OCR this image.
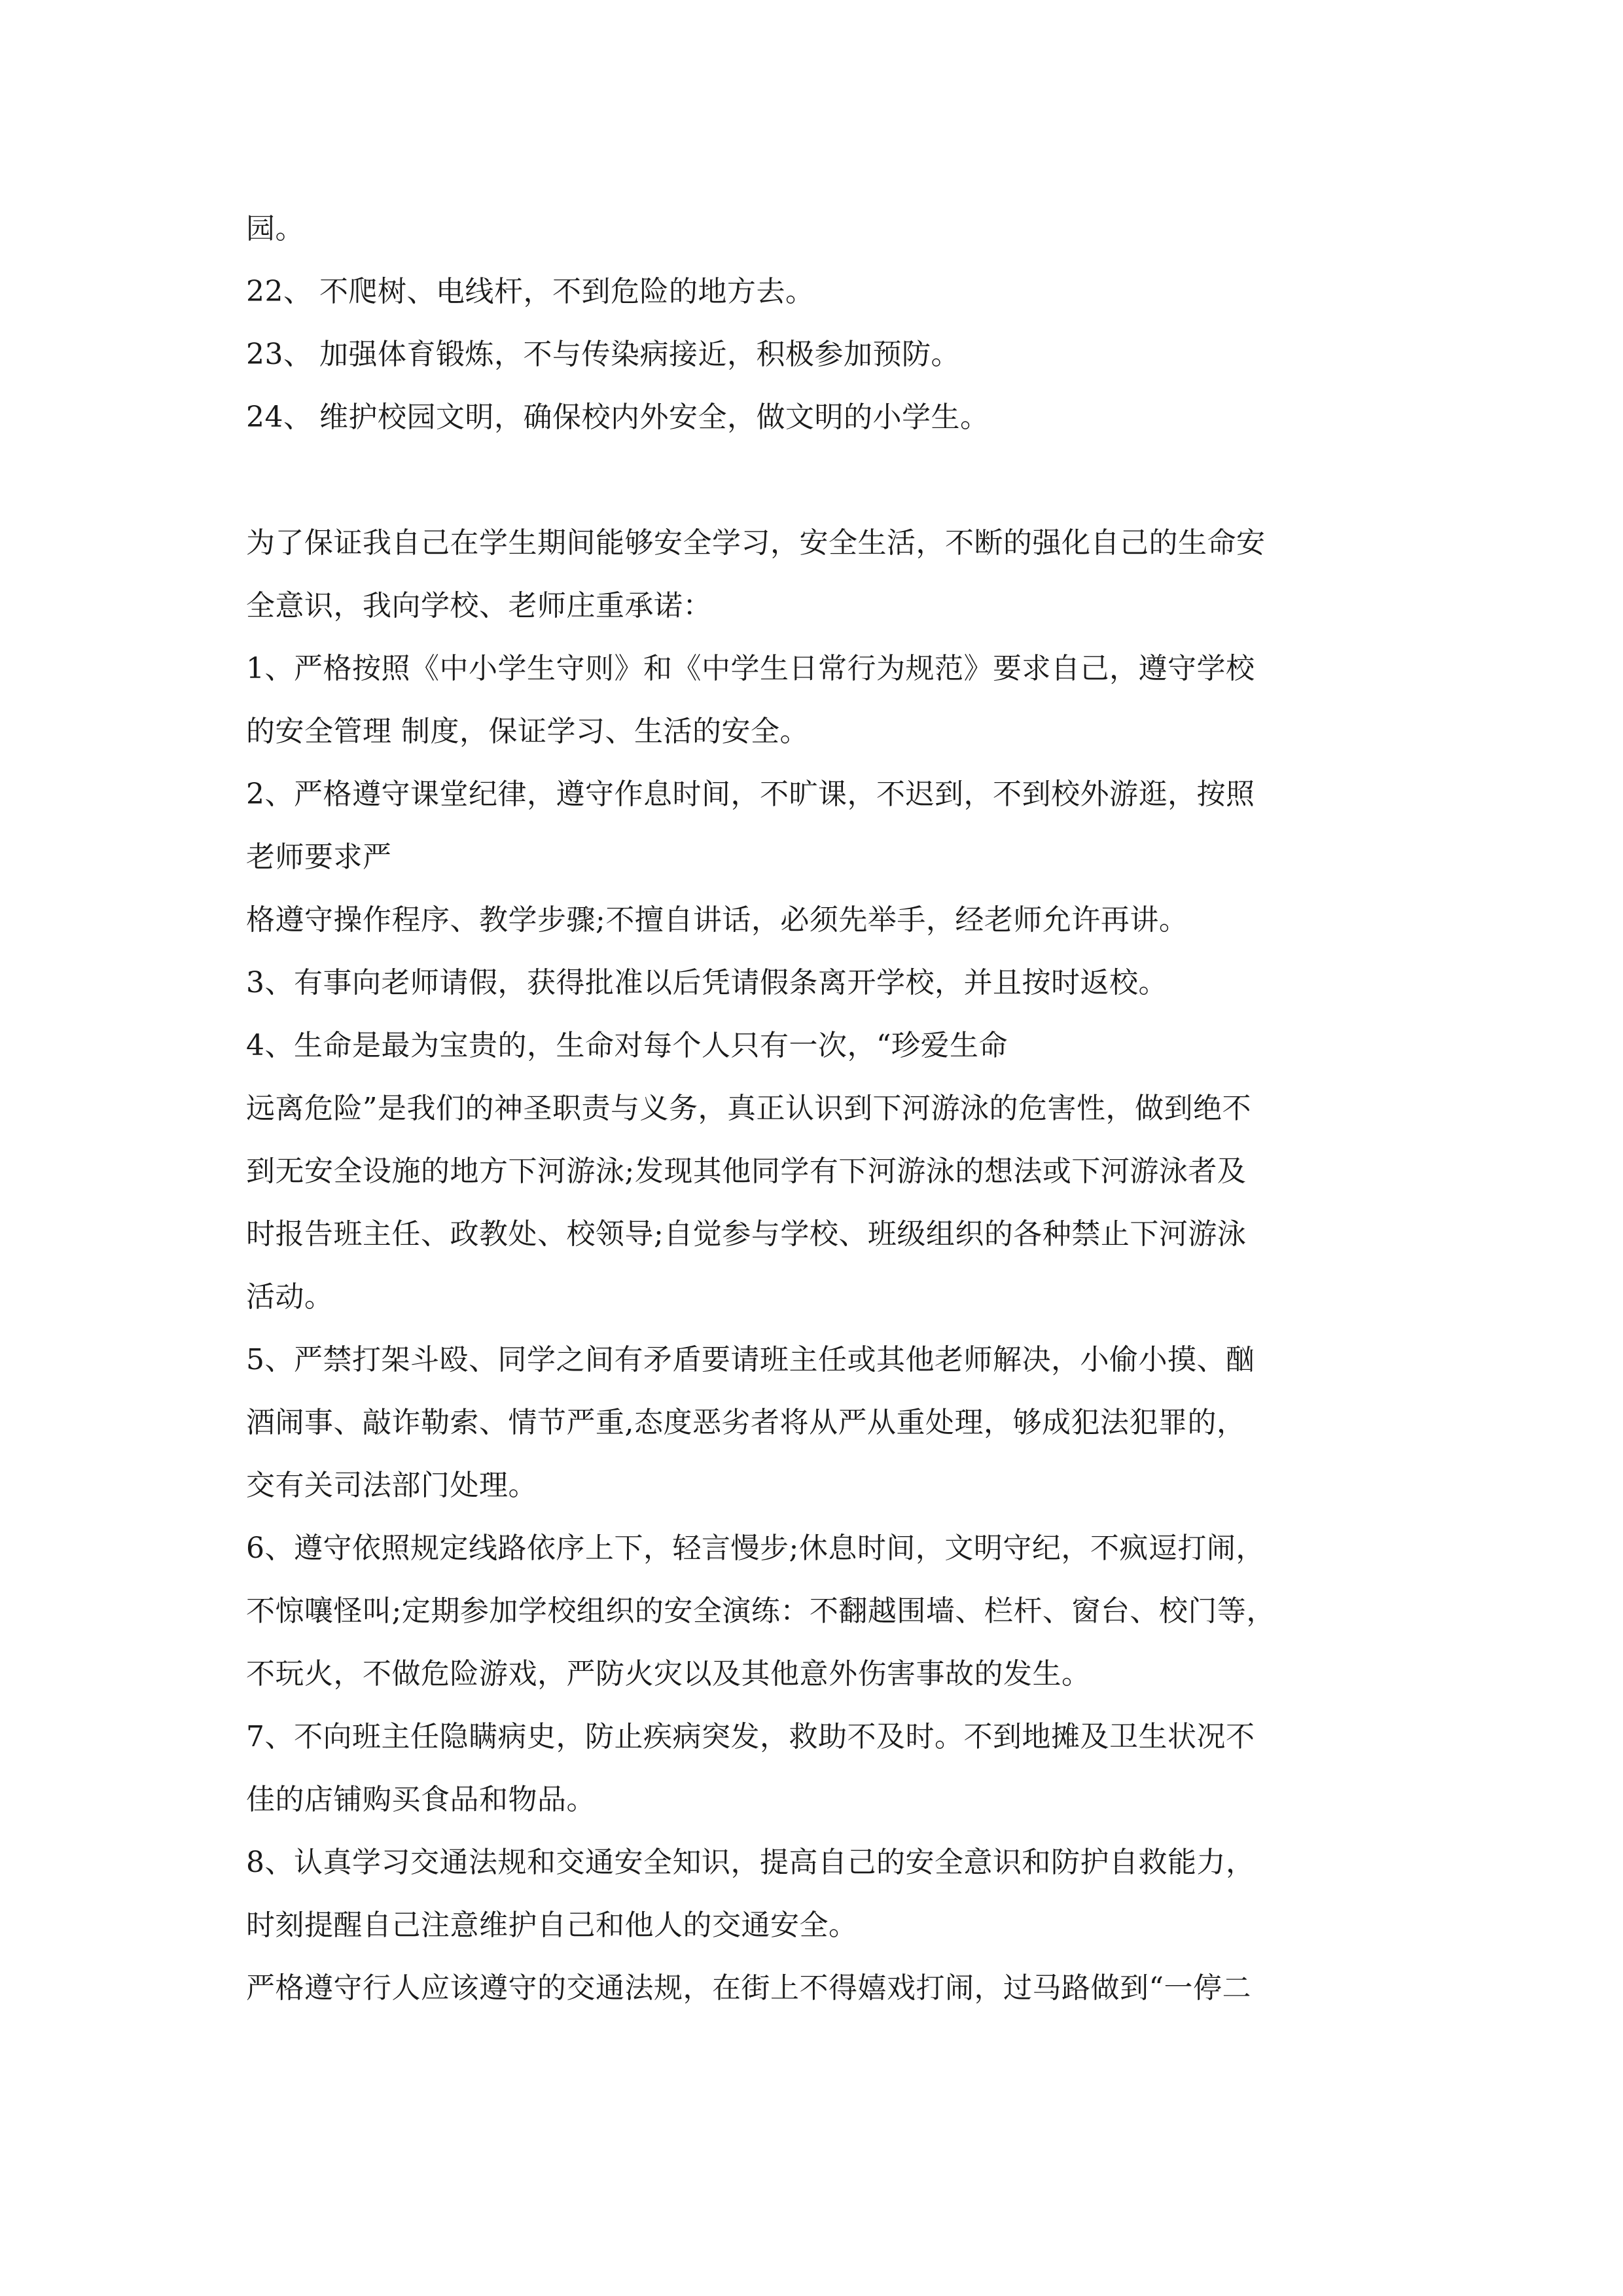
园。
22、 不爬树、电线杆，不到危险的地方去。
23、 加强体育锻炼，不与传染病接近，积极参加预防。
24、 维护校园文明，确保校内外安全，做文明的小学生。
为了保证我自己在学生期间能够安全学习，安全生活，不断的强化自己的生命安
全意识，我向学校、老师庄重承诺：
1、严格按照《中小学生守则》和《中学生日常行为规范》要求自己，遵守学校
的安全管理 制度，保证学习、生活的安全。
2、严格遵守课堂纪律，遵守作息时间，不旷课，不迟到，不到校外游逛，按照
老师要求严
格遵守操作程序、教学步骤;不擅自讲话，必须先举手，经老师允许再讲。
3、有事向老师请假，获得批准以后凭请假条离开学校，并且按时返校。
4、生命是最为宝贵的，生命对每个人只有一次，“珍爱生命
远离危险”是我们的神圣职责与义务，真正认识到下河游泳的危害性，做到绝不
到无安全设施的地方下河游泳;发现其他同学有下河游泳的想法或下河游泳者及
时报告班主任、政教处、校领导;自觉参与学校、班级组织的各种禁止下河游泳
活动。
5、严禁打架斗殴、同学之间有矛盾要请班主任或其他老师解决，小偷小摸、酗
酒闹事、敲诈勒索、情节严重,态度恶劣者将从严从重处理，够成犯法犯罪的，
交有关司法部门处理。
6、遵守依照规定线路依序上下，轻言慢步;休息时间，文明守纪，不疯逗打闹，
不惊嚷怪叫;定期参加学校组织的安全演练：不翻越围墙、栏杆、窗台、校门等，
不玩火，不做危险游戏，严防火灾以及其他意外伤害事故的发生。
7、不向班主任隐瞒病史，防止疾病突发，救助不及时。不到地摊及卫生状况不
佳的店铺购买食品和物品。
8、认真学习交通法规和交通安全知识，提高自己的安全意识和防护自救能力，
时刻提醒自己注意维护自己和他人的交通安全。
严格遵守行人应该遵守的交通法规，在街上不得嬉戏打闹，过马路做到“一停二
